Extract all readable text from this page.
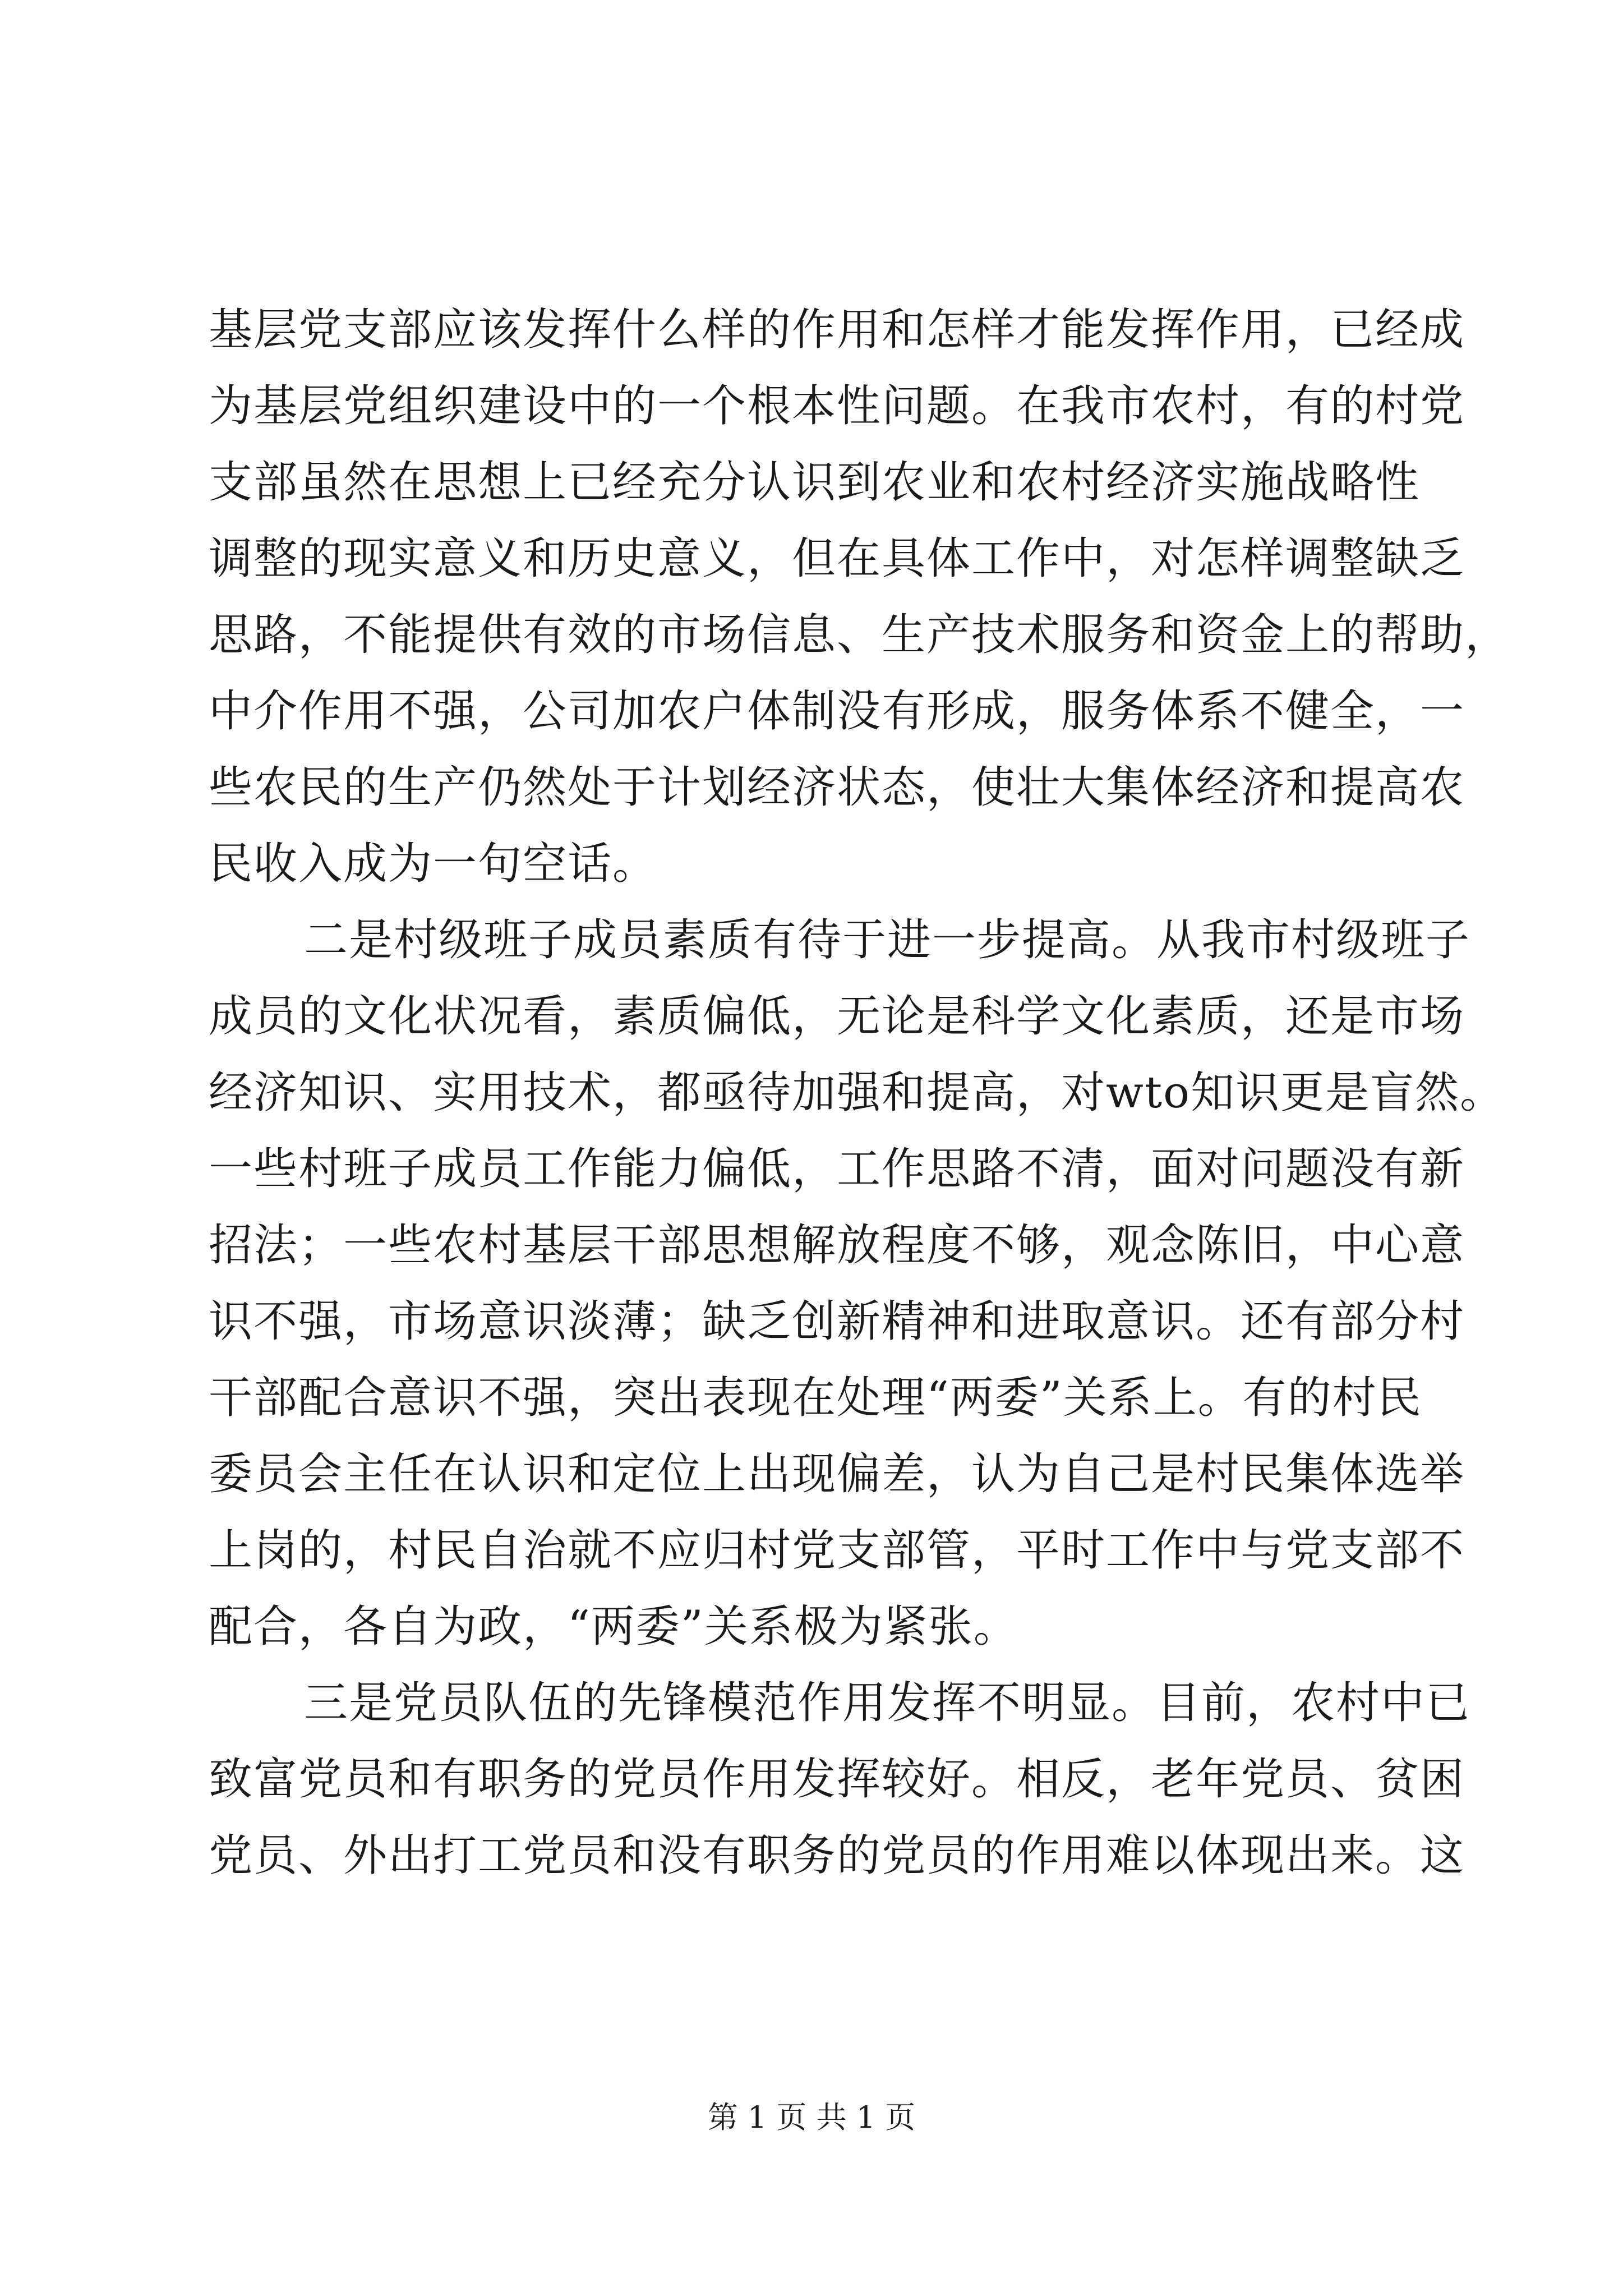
基层党支部应该发挥什么样的作用和怎样才能发挥作用，已经成
为基层党组织建设中的一个根本性问题。在我市农村，有的村党
支部虽然在思想上已经充分认识到农业和农村经济实施战略性
调整的现实意义和历史意义，但在具体工作中，对怎样调整缺乏
思路，不能提供有效的市场信息、生产技术服务和资金上的帮助，
中介作用不强，公司加农户体制没有形成，服务体系不健全，一
些农民的生产仍然处于计划经济状态，使壮大集体经济和提高农
民收入成为一句空话。
二是村级班子成员素质有待于进一步提高。从我市村级班子
成员的文化状况看，素质偏低，无论是科学文化素质，还是市场
经济知识、实用技术，都亟待加强和提高，对wto知识更是盲然。
一些村班子成员工作能力偏低，工作思路不清，面对问题没有新
招法；一些农村基层干部思想解放程度不够，观念陈旧，中心意
识不强，市场意识淡薄；缺乏创新精神和进取意识。还有部分村
干部配合意识不强，突出表现在处理“两委”关系上。有的村民
委员会主任在认识和定位上出现偏差，认为自己是村民集体选举
上岗的，村民自治就不应归村党支部管，平时工作中与党支部不
配合，各自为政，“两委”关系极为紧张。
三是党员队伍的先锋模范作用发挥不明显。目前，农村中已
致富党员和有职务的党员作用发挥较好。相反，老年党员、贫困
党员、外出打工党员和没有职务的党员的作用难以体现出来。这
第 1 页 共 1 页
